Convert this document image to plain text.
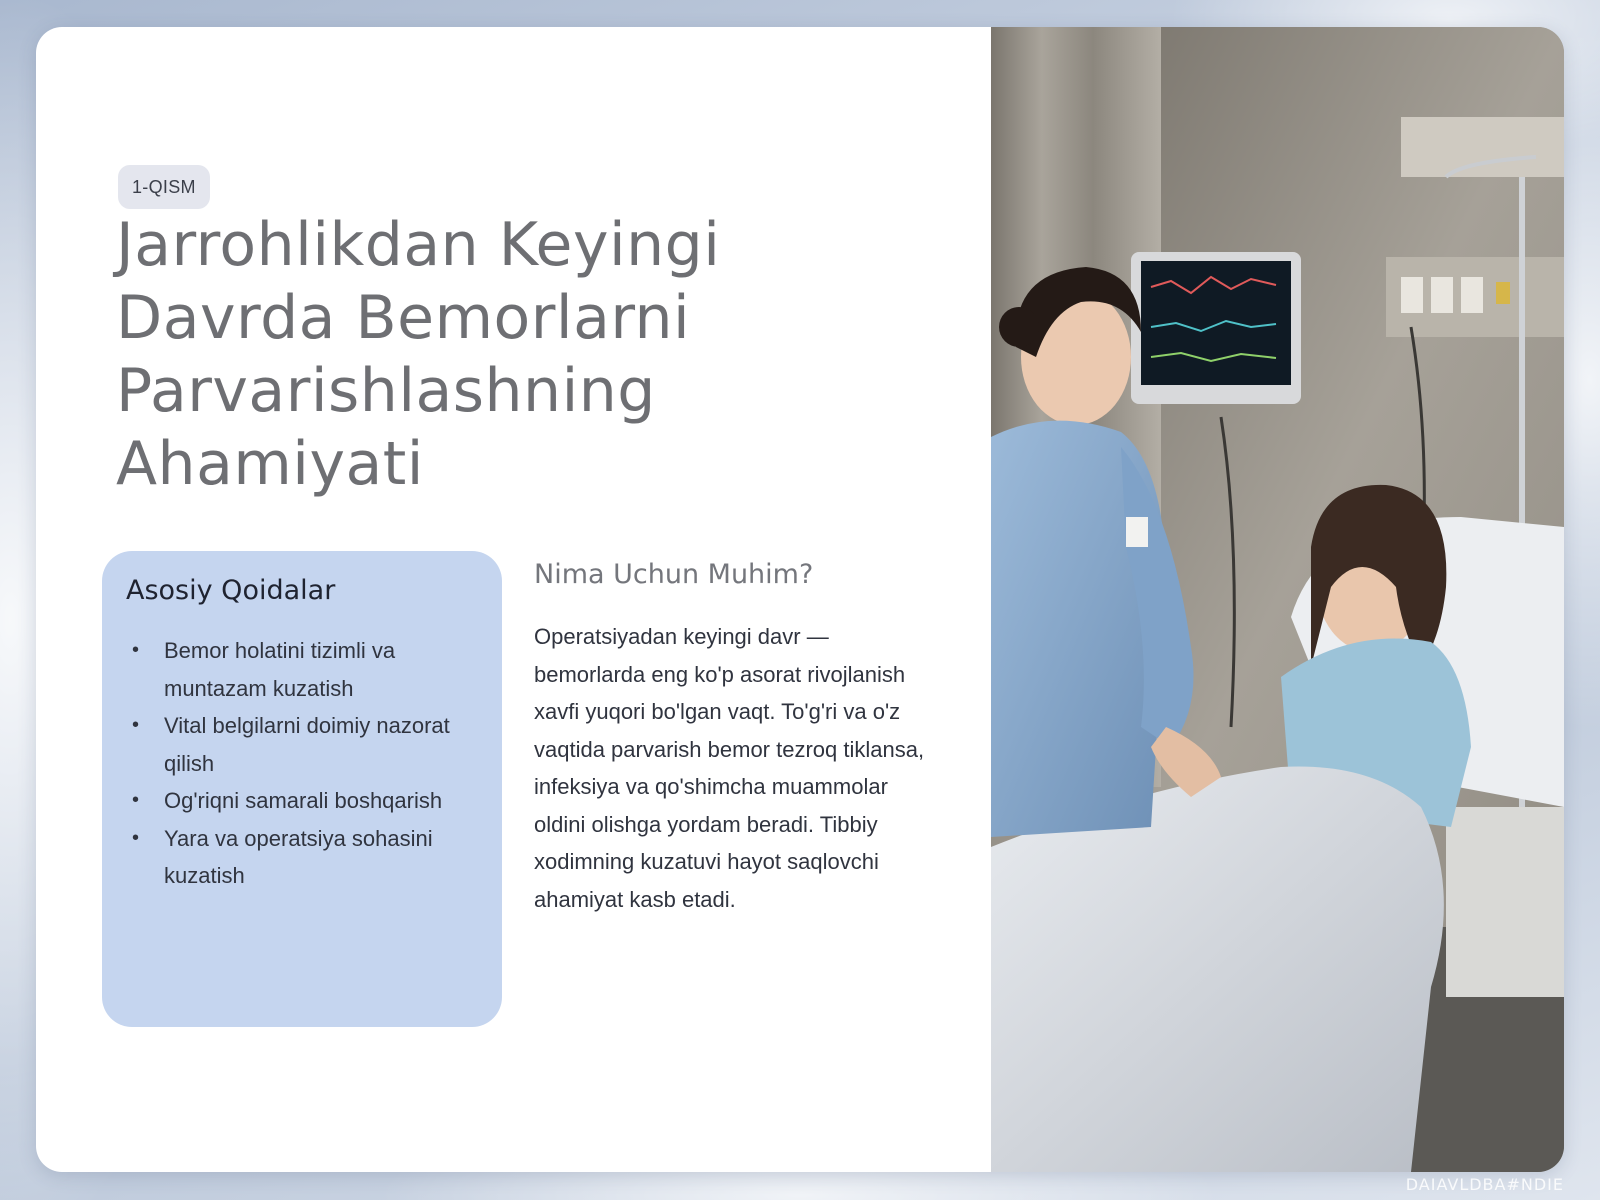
1-QISM
Jarrohlikdan Keyingi
Davrda Bemorlarni
Parvarishlashning
Ahamiyati
Asosiy Qoidalar
• Bemor holatini tizimli va muntazam kuzatish
• Vital belgilarni doimiy nazorat qilish
• Og'riqni samarali boshqarish
• Yara va operatsiya sohasini kuzatish
Nima Uchun Muhim?

Operatsiyadan keyingi davr — bemorlarda eng ko'p asorat rivojlanish xavfi yuqori bo'lgan vaqt. To'g'ri va o'z vaqtida parvarish bemor tezroq tiklansa, infeksiya va qo'shimcha muammolar oldini olishga yordam beradi. Tibbiy xodimning kuzatuvi hayot saqlovchi ahamiyat kasb etadi.

DAIAVLDBA#NDIE
